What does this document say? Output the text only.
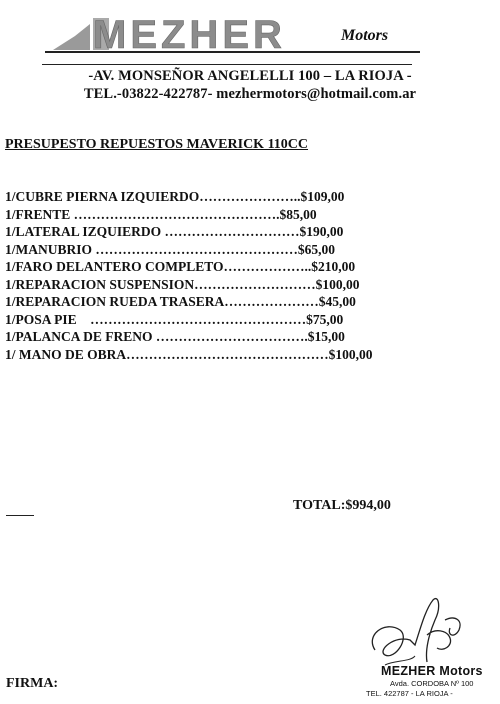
MEZHER	Motors
-AV. MONSEÑOR ANGELELLI 100 – LA RIOJA -
TEL.-03822-422787- mezhermotors@hotmail.com.ar
PRESUPESTO REPUESTOS MAVERICK 110CC
1/CUBRE PIERNA IZQUIERDO…………………..$109,00
1/FRENTE ……………………………………….$85,00
1/LATERAL IZQUIERDO …………………………$190,00
1/MANUBRIO ………………………………………$65,00
1/FARO DELANTERO COMPLETO………………..$210,00
1/REPARACION SUSPENSION………………………$100,00
1/REPARACION RUEDA TRASERA…………………$45,00
1/POSA PIE    …………………………………………$75,00
1/PALANCA DE FRENO …………………………….$15,00
1/ MANO DE OBRA………………………………………$100,00
TOTAL:$994,00
FIRMA:
MEZHER Motors
Avda. CORDOBA Nº 100
TEL. 422787 - LA RIOJA -
